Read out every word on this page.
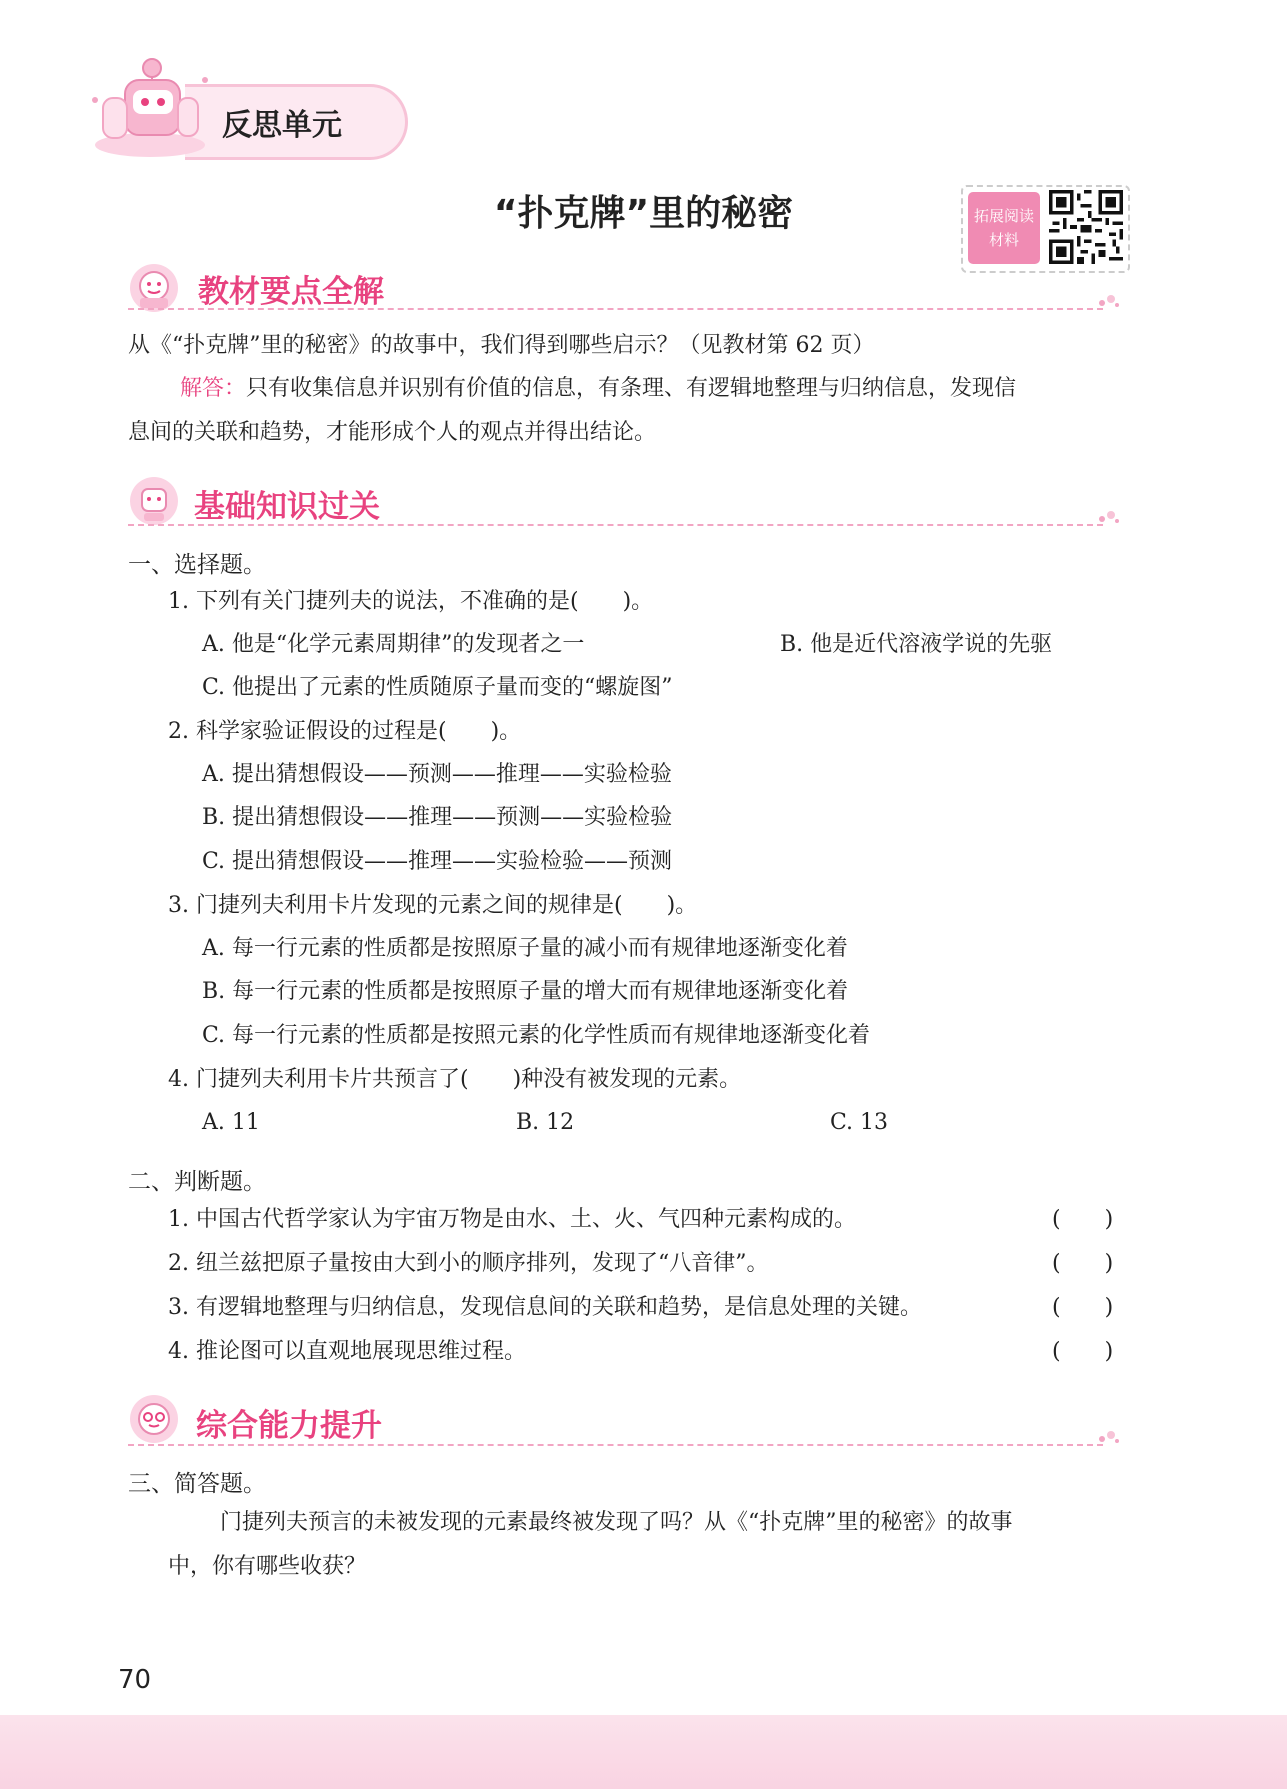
反思单元
“扑克牌”里的秘密	拓展阅读
材料
教材要点全解
从《“扑克牌”里的秘密》的故事中，我们得到哪些启示？（见教材第 62 页）
解答：只有收集信息并识别有价值的信息，有条理、有逻辑地整理与归纳信息，发现信
息间的关联和趋势，才能形成个人的观点并得出结论。
基础知识过关
一、选择题。
1. 下列有关门捷列夫的说法，不准确的是(　　)。
A. 他是“化学元素周期律”的发现者之一	B. 他是近代溶液学说的先驱
C. 他提出了元素的性质随原子量而变的“螺旋图”
2. 科学家验证假设的过程是(　　)。
A. 提出猜想假设——预测——推理——实验检验
B. 提出猜想假设——推理——预测——实验检验
C. 提出猜想假设——推理——实验检验——预测
3. 门捷列夫利用卡片发现的元素之间的规律是(　　)。
A. 每一行元素的性质都是按照原子量的减小而有规律地逐渐变化着
B. 每一行元素的性质都是按照原子量的增大而有规律地逐渐变化着
C. 每一行元素的性质都是按照元素的化学性质而有规律地逐渐变化着
4. 门捷列夫利用卡片共预言了(　　)种没有被发现的元素。
A. 11	B. 12	C. 13
二、判断题。
1. 中国古代哲学家认为宇宙万物是由水、土、火、气四种元素构成的。	(　　)
2. 纽兰兹把原子量按由大到小的顺序排列，发现了“八音律”。	(　　)
3. 有逻辑地整理与归纳信息，发现信息间的关联和趋势，是信息处理的关键。	(　　)
4. 推论图可以直观地展现思维过程。	(　　)
综合能力提升
三、简答题。
门捷列夫预言的未被发现的元素最终被发现了吗？从《“扑克牌”里的秘密》的故事
中，你有哪些收获？
70
